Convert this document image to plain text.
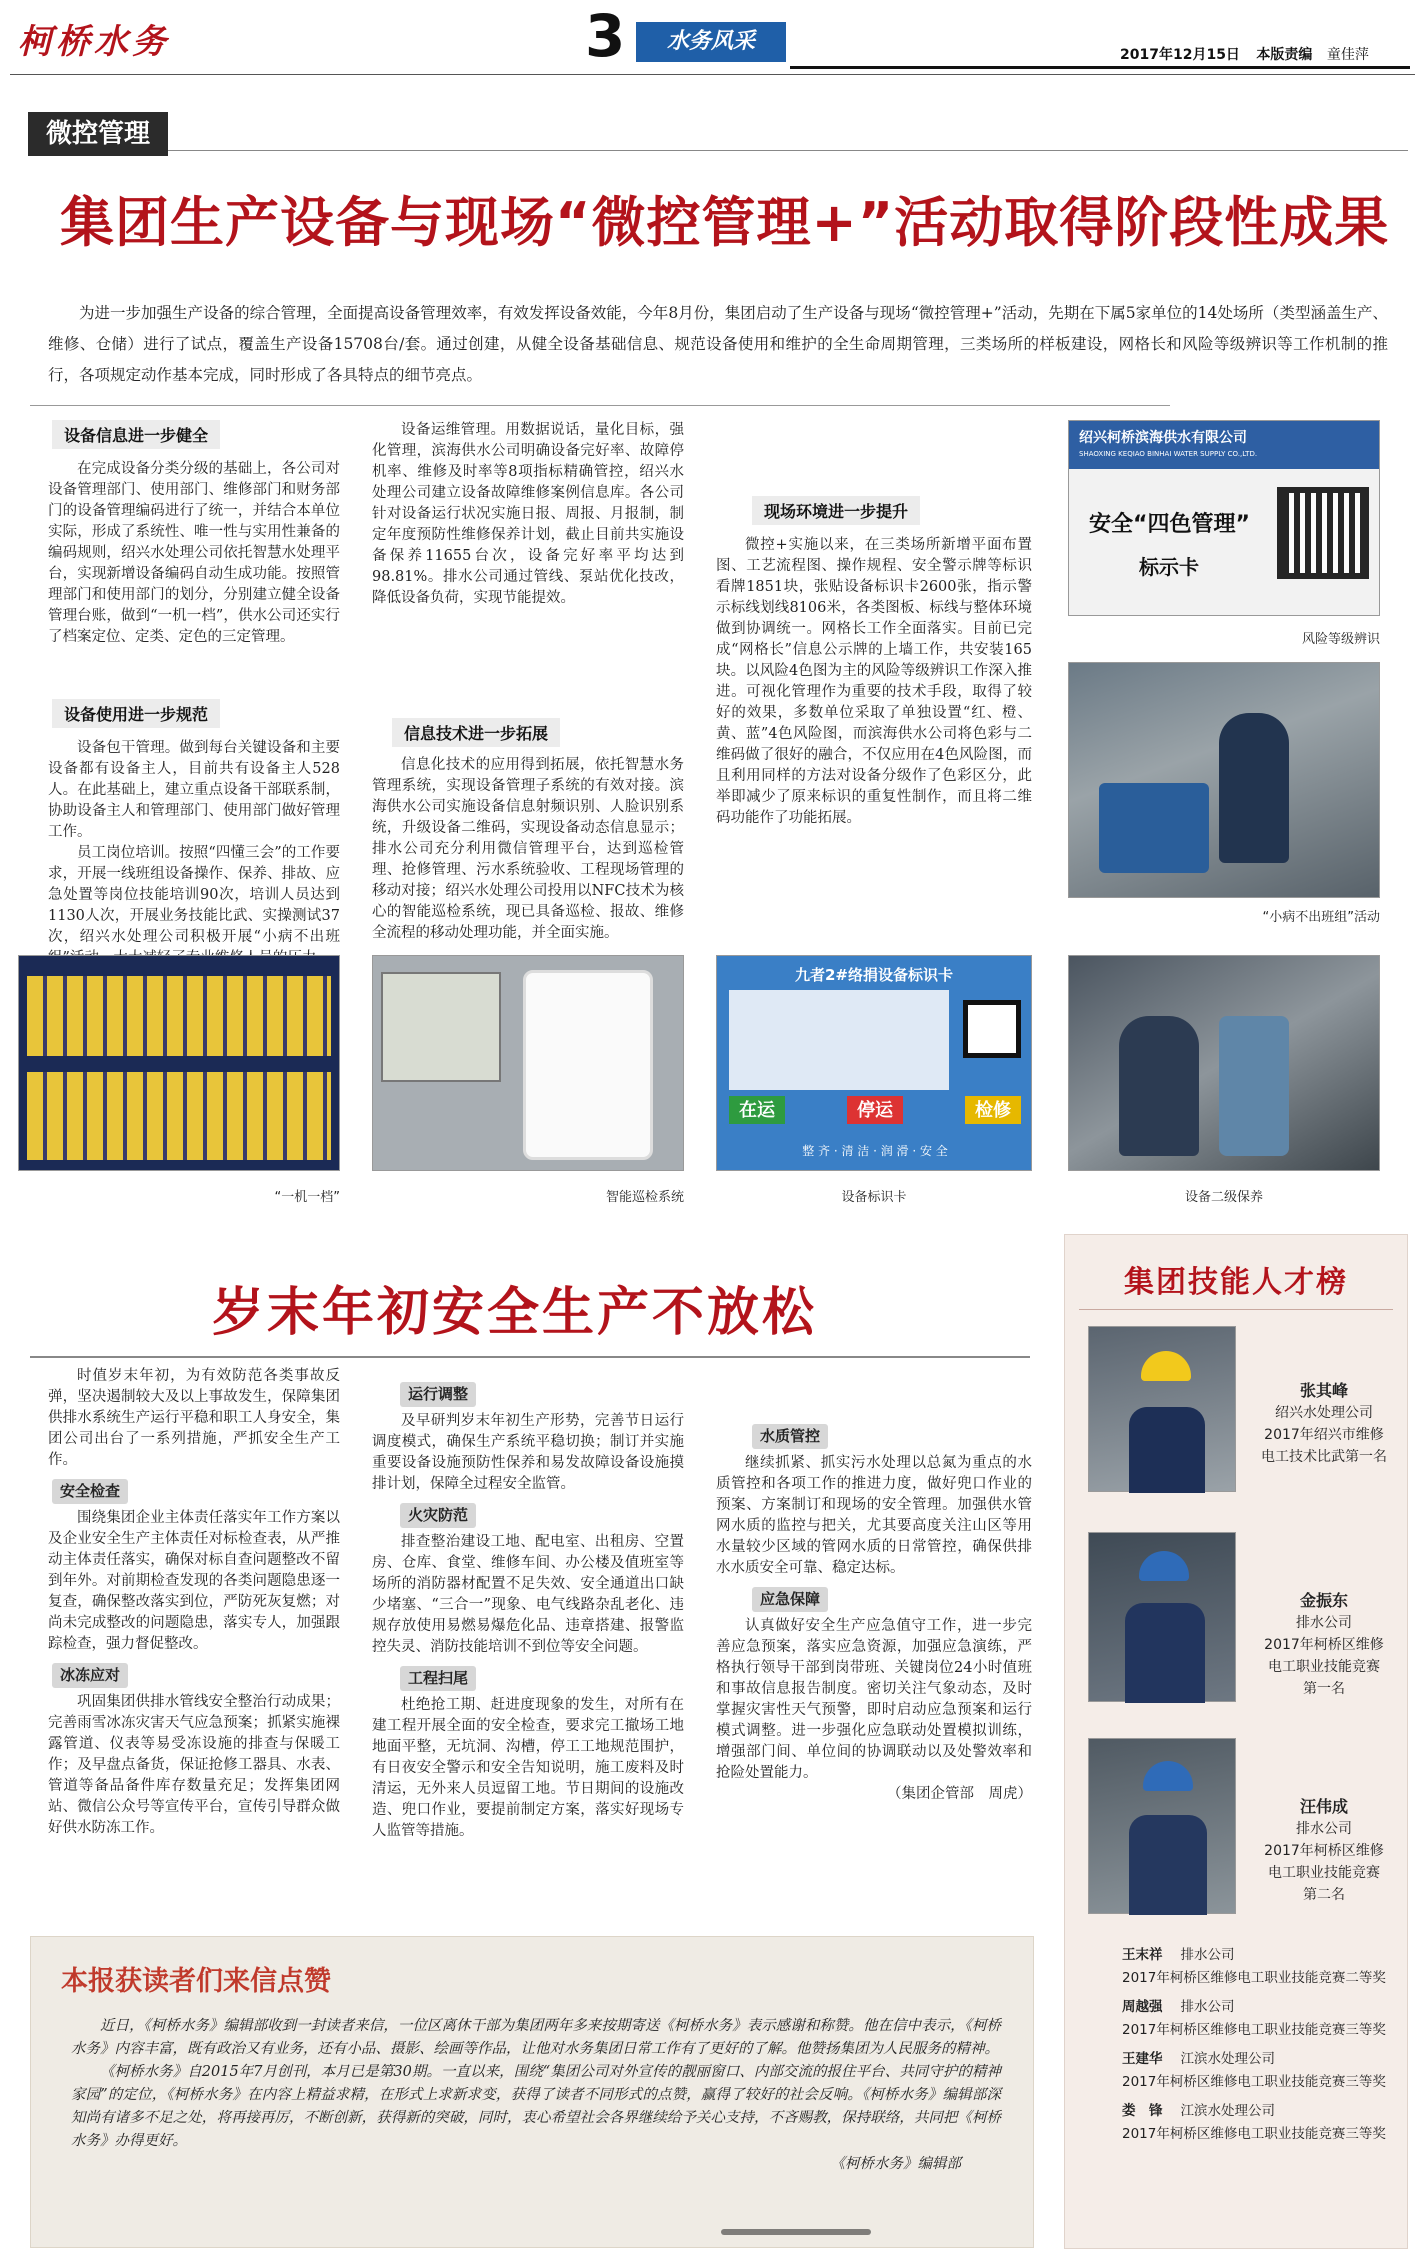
柯桥水务	3	水务风采
2017年12月15日 本版责编 童佳萍
微控管理
集团生产设备与现场“微控管理+”活动取得阶段性成果
为进一步加强生产设备的综合管理，全面提高设备管理效率，有效发挥设备效能，今年8月份，集团启动了生产设备与现场“微控管理+”活动，先期在下属5家单位的14处场所（类型涵盖生产、维修、仓储）进行了试点，覆盖生产设备15708台/套。通过创建，从健全设备基础信息、规范设备使用和维护的全生命周期管理，三类场所的样板建设，网格长和风险等级辨识等工作机制的推行，各项规定动作基本完成，同时形成了各具特点的细节亮点。
设备信息进一步健全

在完成设备分类分级的基础上，各公司对设备管理部门、使用部门、维修部门和财务部门的设备管理编码进行了统一，并结合本单位实际，形成了系统性、唯一性与实用性兼备的编码规则，绍兴水处理公司依托智慧水处理平台，实现新增设备编码自动生成功能。按照管理部门和使用部门的划分，分别建立健全设备管理台账，做到“一机一档”，供水公司还实行了档案定位、定类、定色的三定管理。

设备使用进一步规范

设备包干管理。做到每台关键设备和主要设备都有设备主人，目前共有设备主人528人。在此基础上，建立重点设备干部联系制，协助设备主人和管理部门、使用部门做好管理工作。

员工岗位培训。按照“四懂三会”的工作要求，开展一线班组设备操作、保养、排故、应急处置等岗位技能培训90次，培训人员达到1130人次，开展业务技能比武、实操测试37次，绍兴水处理公司积极开展“小病不出班

设备运维管理。用数据说话，量化目标，强化管理，滨海供水公司明确设备完好率、故障停机率、维修及时率等8项指标精确管控，绍兴水处理公司建立设备故障维修案例信息库。各公司针对设备运行状况实施日报、周报、月报制，制定年度预防性维修保养计划，截止目前共实施设备保养11655台次，设备完好率平均达到98.81%。排水公司通过管线、泵站优化技改，降低设备负荷，实现节能提效。

信息技术进一步拓展

信息化技术的应用得到拓展，依托智慧水务管理系统，实现设备管理子系统的有效对接。滨海供水公司实施设备信息射频识别、人脸识别系统，升级设备二维码，实现设备动态信息显示；排水公司充分利用微信管理平台，达到巡检管理、抢修管理、污水系统验收、工程现场管理的移动对接；绍兴水处理公司投用以NFC技术为核心的智能巡检系统，现已具备巡检、报故、维修全流程的移动处理功能，并全面实施。

现场环境进一步提升

微控+实施以来，在三类场所新增平面布置图、工艺流程图、操作规程、安全警示牌等标识看牌1851块，张贴设备标识卡2600张，指示警示标线划线8106米，各类图板、标线与整体环境做到协调统一。网格长工作全面落实。目前已完成“网格长”信息公示牌的上墙工作，共安装165块。以风险4色图为主的风险等级辨识工作深入推进。可视化管理作为重要的技术手段，取得了较好的效果，多数单位采取了单独设置“红、橙、黄、蓝”4色风险图，而滨海供水公司将色彩与二维码做了很好的融合，不仅应用在4色风险图，而且利用同样的方法对设备分级作了色彩区分，此举即减少了原来标识的重复性制作，而且将二维码功能作了功能拓展。

绍兴柯桥滨海供水有限公司
SHAOXING KEQIAO BINHAI WATER SUPPLY CO.,LTD.
安全“四色管理”
标示卡
风险等级辨识
“小病不出班组”活动
“一机一档”	智能巡检系统
九者2#络捐设备标识卡
在运	停运	检修
整 齐 · 清 洁 · 润 滑 · 安 全
设备标识卡	设备二级保养
岁末年初安全生产不放松

时值岁末年初，为有效防范各类事故反弹，坚决遏制较大及以上事故发生，保障集团供排水系统生产运行平稳和职工人身安全，集团公司出台了一系列措施，严抓安全生产工作。

安全检查

围绕集团企业主体责任落实年工作方案以及企业安全生产主体责任对标检查表，从严推动主体责任落实，确保对标自查问题整改不留到年外。对前期检查发现的各类问题隐患逐一复查，确保整改落实到位，严防死灰复燃；对尚未完成整改的问题隐患，落实专人，加强跟踪检查，强力督促整改。

冰冻应对

巩固集团供排水管线安全整治行动成果；完善雨雪冰冻灾害天气应急预案；抓紧实施裸露管道、仪表等易受冻设施的排查与保暖工作；及早盘点备货，保证抢修工器具、水表、管道等备品备件库存数量充足；发挥集团网站、微信公众号等宣传平台，宣传引导群众做好供水防冻工作。

运行调整

及早研判岁末年初生产形势，完善节日运行调度模式，确保生产系统平稳切换；制订并实施重要设备设施预防性保养和易发故障设备设施摸排计划，保障全过程安全监管。

火灾防范

排查整治建设工地、配电室、出租房、空置房、仓库、食堂、维修车间、办公楼及值班室等场所的消防器材配置不足失效、安全通道出口缺少堵塞、“三合一”现象、电气线路杂乱老化、违规存放使用易燃易爆危化品、违章搭建、报警监控失灵、消防技能培训不到位等安全问题。

工程扫尾

杜绝抢工期、赶进度现象的发生，对所有在建工程开展全面的安全检查，要求完工撤场工地地面平整，无坑洞、沟槽，停工工地规范围护，有日夜安全警示和安全告知说明，施工废料及时清运，无外来人员逗留工地。节日期间的设施改造、兜口作业，要提前制定方案，落实好现场专人监管等措施。

水质管控

继续抓紧、抓实污水处理以总氮为重点的水质管控和各项工作的推进力度，做好兜口作业的预案、方案制订和现场的安全管理。加强供水管网水质的监控与把关，尤其要高度关注山区等用水量较少区域的管网水质的日常管控，确保供排水水质安全可靠、稳定达标。

应急保障

认真做好安全生产应急值守工作，进一步完善应急预案，落实应急资源，加强应急演练，严格执行领导干部到岗带班、关键岗位24小时值班和事故信息报告制度。密切关注气象动态，及时掌握灾害性天气预警，即时启动应急预案和运行模式调整。进一步强化应急联动处置模拟训练，增强部门间、单位间的协调联动以及处警效率和抢险处置能力。

（集团企管部　周虎）

集团技能人才榜
张其峰
绍兴水处理公司
2017年绍兴市维修
电工技术比武第一名
金振东
排水公司
2017年柯桥区维修
电工职业技能竞赛
第一名
汪伟成
排水公司
2017年柯桥区维修
电工职业技能竞赛
第二名
王末祥 排水公司
2017年柯桥区维修电工职业技能竞赛二等奖
周越强 排水公司
2017年柯桥区维修电工职业技能竞赛三等奖
王建华 江滨水处理公司
2017年柯桥区维修电工职业技能竞赛三等奖
娄　锋 江滨水处理公司
2017年柯桥区维修电工职业技能竞赛三等奖
本报获读者们来信点赞

近日，《柯桥水务》编辑部收到一封读者来信，一位区离休干部为集团两年多来按期寄送《柯桥水务》表示感谢和称赞。他在信中表示，《柯桥水务》内容丰富，既有政治又有业务，还有小品、摄影、绘画等作品，让他对水务集团日常工作有了更好的了解。他赞扬集团为人民服务的精神。

《柯桥水务》自2015年7月创刊，本月已是第30期。一直以来，围绕“集团公司对外宣传的靓丽窗口、内部交流的报住平台、共同守护的精神家园”的定位，《柯桥水务》在内容上精益求精，在形式上求新求变，获得了读者不同形式的点赞，赢得了较好的社会反响。《柯桥水务》编辑部深知尚有诸多不足之处，将再接再厉，不断创新，获得新的突破，同时，衷心希望社会各界继续给予关心支持，不吝赐教，保持联络，共同把《柯桥水务》办得更好。

《柯桥水务》编辑部
